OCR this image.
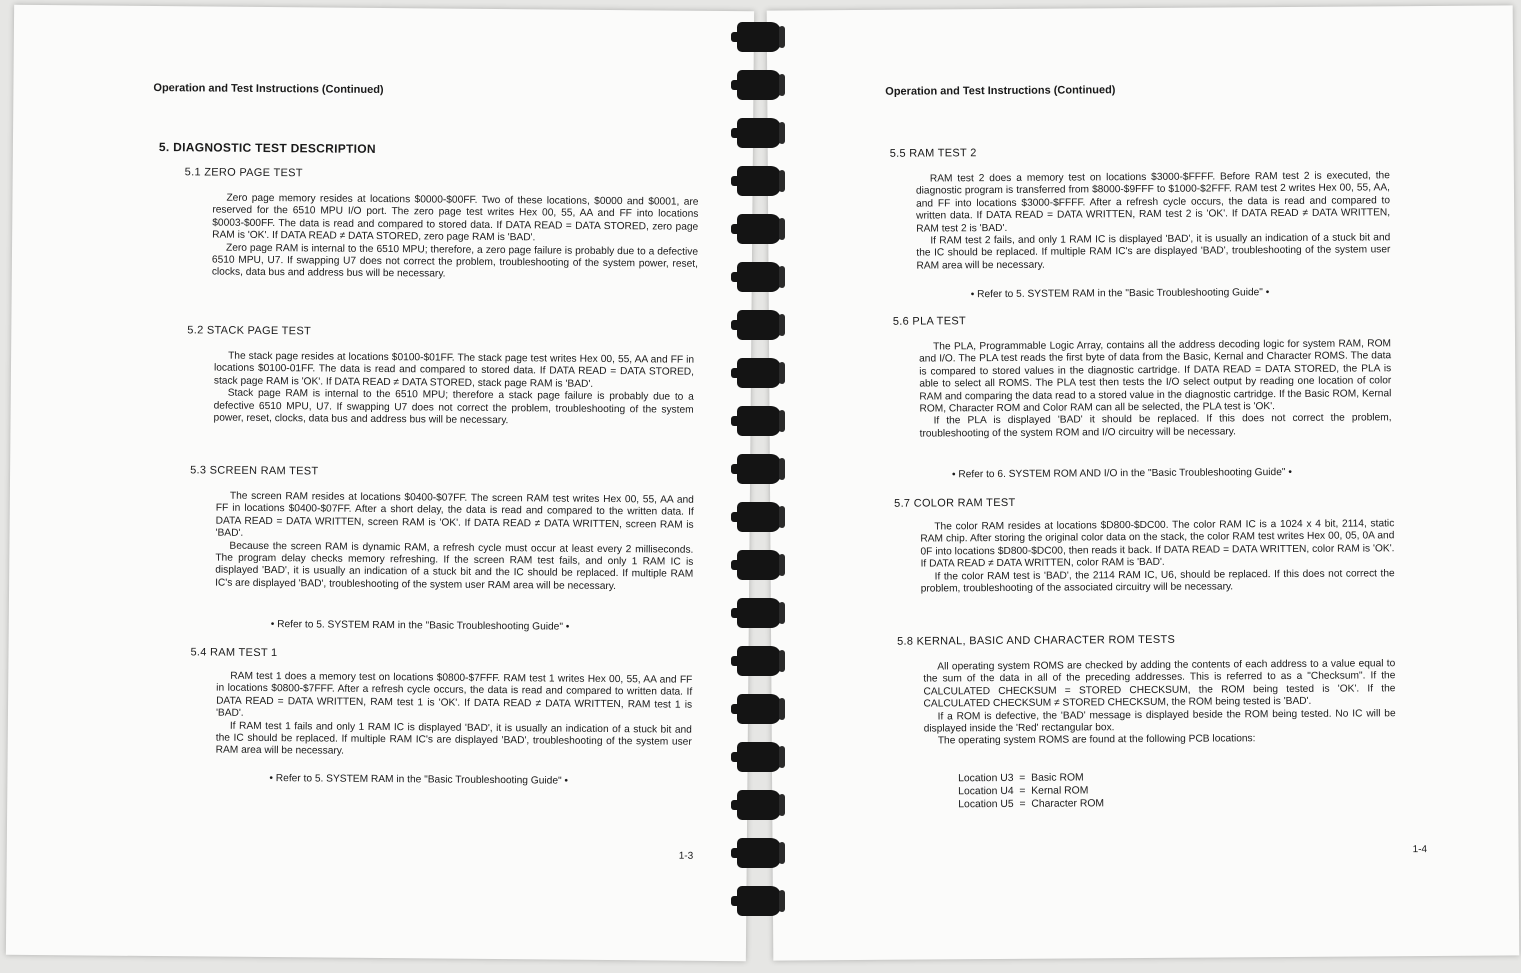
Operation and Test Instructions (Continued)
5. DIAGNOSTIC TEST DESCRIPTION
5.1 ZERO PAGE TEST

Zero page memory resides at locations $0000-$00FF. Two of these locations, $0000 and $0001, are reserved for the 6510 MPU I/O port. The zero page test writes Hex 00, 55, AA and FF into locations $0003-$00FF. The data is read and compared to stored data. If DATA READ = DATA STORED, zero page RAM is 'OK'. If DATA READ ≠ DATA STORED, zero page RAM is 'BAD'.

Zero page RAM is internal to the 6510 MPU; therefore, a zero page failure is probably due to a defective 6510 MPU, U7. If swapping U7 does not correct the problem, troubleshooting of the system power, reset, clocks, data bus and address bus will be necessary.

5.2 STACK PAGE TEST

The stack page resides at locations $0100-$01FF. The stack page test writes Hex 00, 55, AA and FF in locations $0100-01FF. The data is read and compared to stored data. If DATA READ = DATA STORED, stack page RAM is 'OK'. If DATA READ ≠ DATA STORED, stack page RAM is 'BAD'.

Stack page RAM is internal to the 6510 MPU; therefore a stack page failure is probably due to a defective 6510 MPU, U7. If swapping U7 does not correct the problem, troubleshooting of the system power, reset, clocks, data bus and address bus will be necessary.

5.3 SCREEN RAM TEST

The screen RAM resides at locations $0400-$07FF. The screen RAM test writes Hex 00, 55, AA and FF in locations $0400-$07FF. After a short delay, the data is read and compared to the written data. If DATA READ = DATA WRITTEN, screen RAM is 'OK'. If DATA READ ≠ DATA WRITTEN, screen RAM is 'BAD'.

Because the screen RAM is dynamic RAM, a refresh cycle must occur at least every 2 milliseconds. The program delay checks memory refreshing. If the screen RAM test fails, and only 1 RAM IC is displayed 'BAD', it is usually an indication of a stuck bit and the IC should be replaced. If multiple RAM IC's are displayed 'BAD', troubleshooting of the system user RAM area will be necessary.

• Refer to 5. SYSTEM RAM in the "Basic Troubleshooting Guide" •
5.4 RAM TEST 1

RAM test 1 does a memory test on locations $0800-$7FFF. RAM test 1 writes Hex 00, 55, AA and FF in locations $0800-$7FFF. After a refresh cycle occurs, the data is read and compared to written data. If DATA READ = DATA WRITTEN, RAM test 1 is 'OK'. If DATA READ ≠ DATA WRITTEN, RAM test 1 is 'BAD'.

If RAM test 1 fails and only 1 RAM IC is displayed 'BAD', it is usually an indication of a stuck bit and the IC should be replaced. If multiple RAM IC's are displayed 'BAD', troubleshooting of the system user RAM area will be necessary.

• Refer to 5. SYSTEM RAM in the "Basic Troubleshooting Guide" •
1-3
Operation and Test Instructions (Continued)
5.5 RAM TEST 2

RAM test 2 does a memory test on locations $3000-$FFFF. Before RAM test 2 is executed, the diagnostic program is transferred from $8000-$9FFF to $1000-$2FFF. RAM test 2 writes Hex 00, 55, AA, and FF into locations $3000-$FFFF. After a refresh cycle occurs, the data is read and compared to written data. If DATA READ = DATA WRITTEN, RAM test 2 is 'OK'. If DATA READ ≠ DATA WRITTEN, RAM test 2 is 'BAD'.

If RAM test 2 fails, and only 1 RAM IC is displayed 'BAD', it is usually an indication of a stuck bit and the IC should be replaced. If multiple RAM IC's are displayed 'BAD', troubleshooting of the system user RAM area will be necessary.

• Refer to 5. SYSTEM RAM in the "Basic Troubleshooting Guide" •
5.6 PLA TEST

The PLA, Programmable Logic Array, contains all the address decoding logic for system RAM, ROM and I/O. The PLA test reads the first byte of data from the Basic, Kernal and Character ROMS. The data is compared to stored values in the diagnostic cartridge. If DATA READ = DATA STORED, the PLA is able to select all ROMS. The PLA test then tests the I/O select output by reading one location of color RAM and comparing the data read to a stored value in the diagnostic cartridge. If the Basic ROM, Kernal ROM, Character ROM and Color RAM can all be selected, the PLA test is 'OK'.

If the PLA is displayed 'BAD' it should be replaced. If this does not correct the problem, troubleshooting of the system ROM and I/O circuitry will be necessary.

• Refer to 6. SYSTEM ROM AND I/O in the "Basic Troubleshooting Guide" •
5.7 COLOR RAM TEST

The color RAM resides at locations $D800-$DC00. The color RAM IC is a 1024 x 4 bit, 2114, static RAM chip. After storing the original color data on the stack, the color RAM test writes Hex 00, 05, 0A and 0F into locations $D800-$DC00, then reads it back. If DATA READ = DATA WRITTEN, color RAM is 'OK'. If DATA READ ≠ DATA WRITTEN, color RAM is 'BAD'.

If the color RAM test is 'BAD', the 2114 RAM IC, U6, should be replaced. If this does not correct the problem, troubleshooting of the associated circuitry will be necessary.

5.8 KERNAL, BASIC AND CHARACTER ROM TESTS

All operating system ROMS are checked by adding the contents of each address to a value equal to the sum of the data in all of the preceding addresses. This is referred to as a "Checksum". If the CALCULATED CHECKSUM = STORED CHECKSUM, the ROM being tested is 'OK'. If the CALCULATED CHECKSUM ≠ STORED CHECKSUM, the ROM being tested is 'BAD'.

If a ROM is defective, the 'BAD' message is displayed beside the ROM being tested. No IC will be displayed inside the 'Red' rectangular box.

The operating system ROMS are found at the following PCB locations:

Location U3  =  Basic ROM
Location U4  =  Kernal ROM
Location U5  =  Character ROM
1-4
